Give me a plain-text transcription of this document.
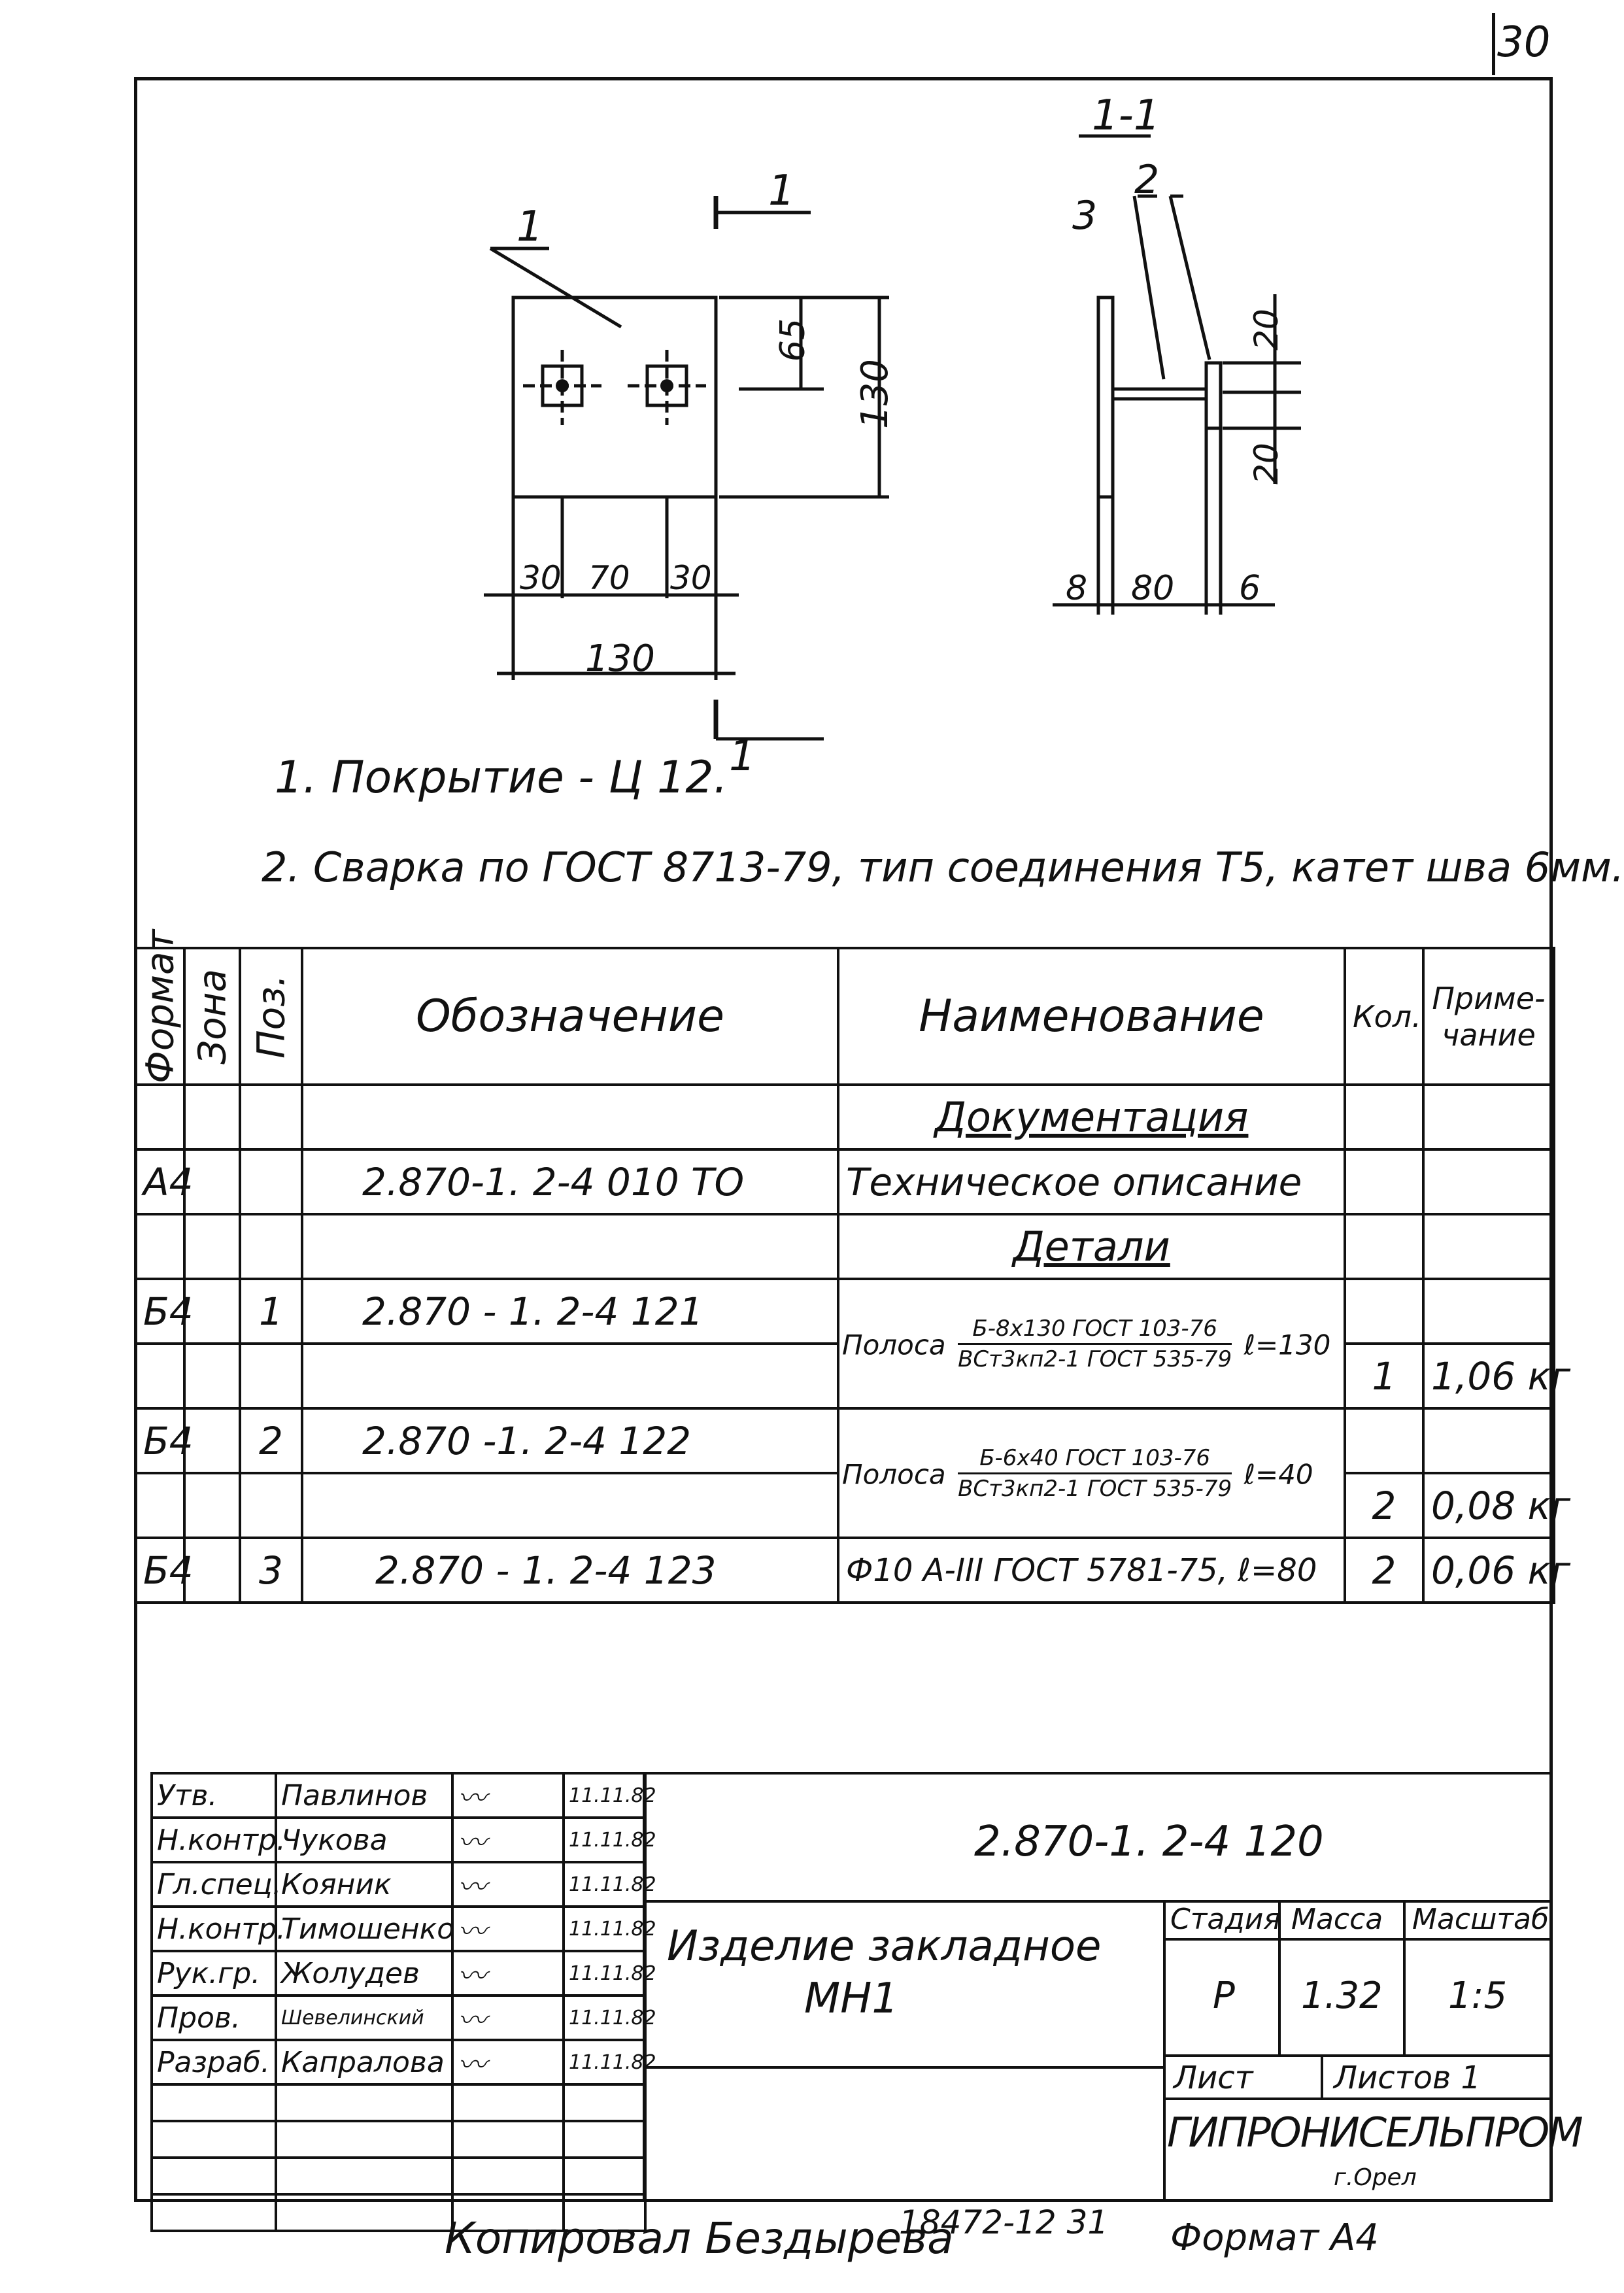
30
1-1
1
1
1
2
3
65
130
30 70 30
130
8 80 6
20
20
1. Покрытие - Ц 12.
2. Сварка по ГОСТ 8713-79, тип соединения Т5, катет шва 6мм.
Формат	Зона	Поз.	Обозначение	Наименование	Кол.	Приме-чание
				Документация		
А4			2.870-1. 2-4 010 ТО	Техническое описание		
				Детали		
Б4		1	2.870 - 1. 2-4 121	Полоса $\frac{\text{Б-8х130 ГОСТ 103-76}}{\text{ВСт3кп2-1 ГОСТ 535-79}}$ ℓ=130		
					1	1,06 кг
Б4		2	2.870 -1. 2-4 122	Полоса $\frac{\text{Б-6х40 ГОСТ 103-76}}{\text{ВСт3кп2-1 ГОСТ 535-79}}$ ℓ=40		
					2	0,08 кг
Б4		3	2.870 - 1. 2-4 123	Ф10 А-III ГОСТ 5781-75, ℓ=80	2	0,06 кг
Утв.	Павлинов	〰	11.11.82
Н.контр.	Чукова	〰	11.11.82
Гл.спец.	Кояник	〰	11.11.82
Н.контр.	Тимошенко	〰	11.11.82
Рук.гр.	Жолудев	〰	11.11.82
Пров.	Шевелинский	〰	11.11.82
Разраб.	Капралова	〰	11.11.82

2.870-1. 2-4 120
Изделие закладное
МН1
Стадия Масса Масштаб
Р 1.32 1:5
Лист	Листов 1
ГИПРОНИСЕЛЬПРОМ
г.Орел
Копировал Бездырева
18472-12 31 Формат А4
